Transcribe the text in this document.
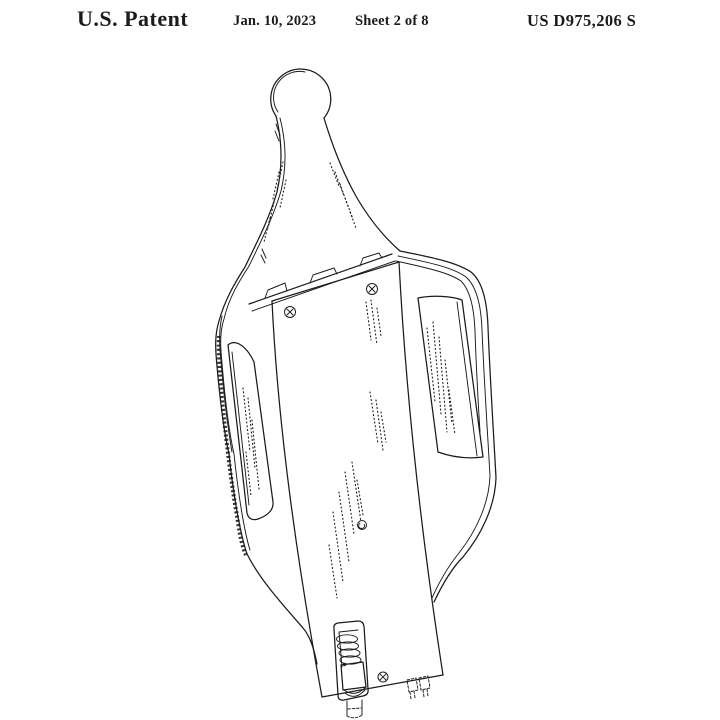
U.S. Patent	Jan. 10, 2023	Sheet 2 of 8	US D975,206 S
